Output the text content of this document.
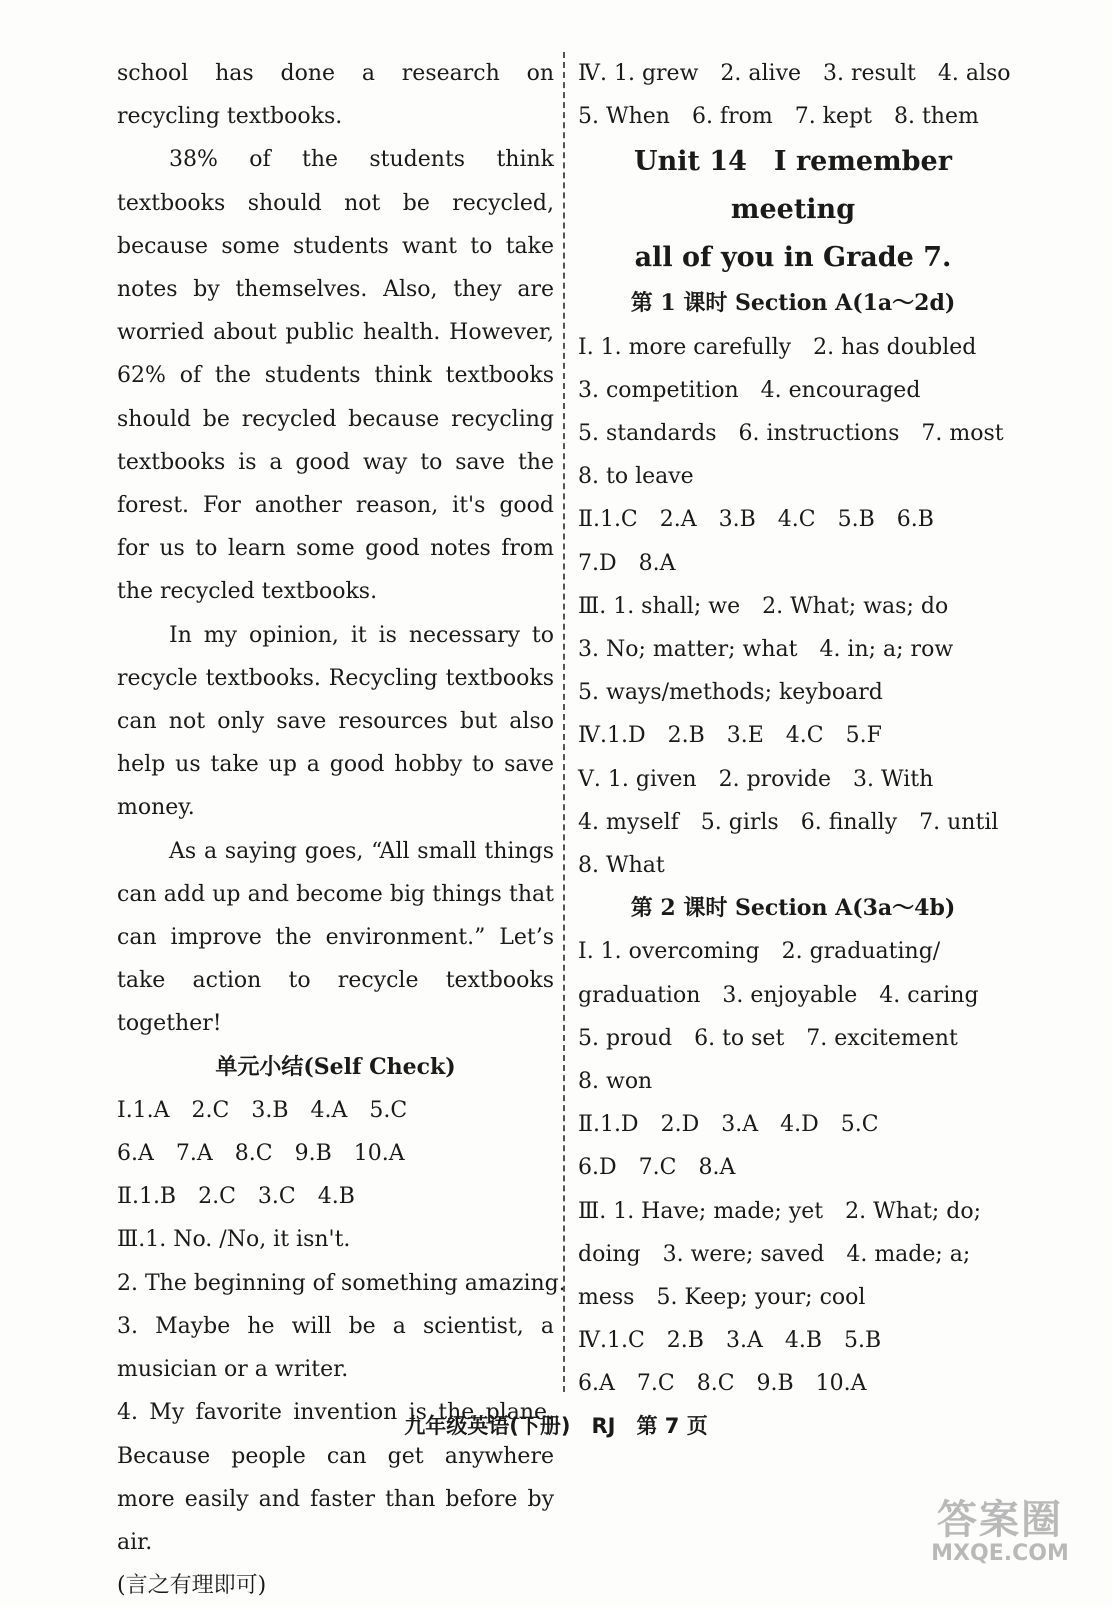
school has done a research on recycling textbooks.
38% of the students think textbooks should not be recycled, because some students want to take notes by themselves. Also, they are worried about public health. However, 62% of the students think textbooks should be recycled because recycling textbooks is a good way to save the forest. For another reason, it's good for us to learn some good notes from the recycled textbooks.
In my opinion, it is necessary to recycle textbooks. Recycling textbooks can not only save resources but also help us take up a good hobby to save money.
As a saying goes, “All small things can add up and become big things that can improve the environment.” Let’s take action to recycle textbooks together!
单元小结(Self Check)
Ⅰ.1.A　2.C　3.B　4.A　5.C
6.A　7.A　8.C　9.B　10.A
Ⅱ.1.B　2.C　3.C　4.B
Ⅲ.1. No. /No, it isn't.
2. The beginning of something amazing.
3. Maybe he will be a scientist, a musician or a writer.
4. My favorite invention is the plane. Because people can get anywhere more easily and faster than before by air.
(言之有理即可)
Ⅳ. 1. grew　2. alive　3. result　4. also
5. When　6. from　7. kept　8. them
Unit 14　I remember meeting
all of you in Grade 7.
第 1 课时 Section A(1a～2d)
Ⅰ. 1. more carefully　2. has doubled
3. competition　4. encouraged
5. standards　6. instructions　7. most
8. to leave
Ⅱ.1.C　2.A　3.B　4.C　5.B　6.B
7.D　8.A
Ⅲ. 1. shall; we　2. What; was; do
3. No; matter; what　4. in; a; row
5. ways/methods; keyboard
Ⅳ.1.D　2.B　3.E　4.C　5.F
Ⅴ. 1. given　2. provide　3. With
4. myself　5. girls　6. finally　7. until
8. What
第 2 课时 Section A(3a～4b)
Ⅰ. 1. overcoming　2. graduating/
graduation　3. enjoyable　4. caring
5. proud　6. to set　7. excitement
8. won
Ⅱ.1.D　2.D　3.A　4.D　5.C
6.D　7.C　8.A
Ⅲ. 1. Have; made; yet　2. What; do;
doing　3. were; saved　4. made; a;
mess　5. Keep; your; cool
Ⅳ.1.C　2.B　3.A　4.B　5.B
6.A　7.C　8.C　9.B　10.A
九年级英语(下册)　RJ　第 7 页
答案圈
MXQE.COM
